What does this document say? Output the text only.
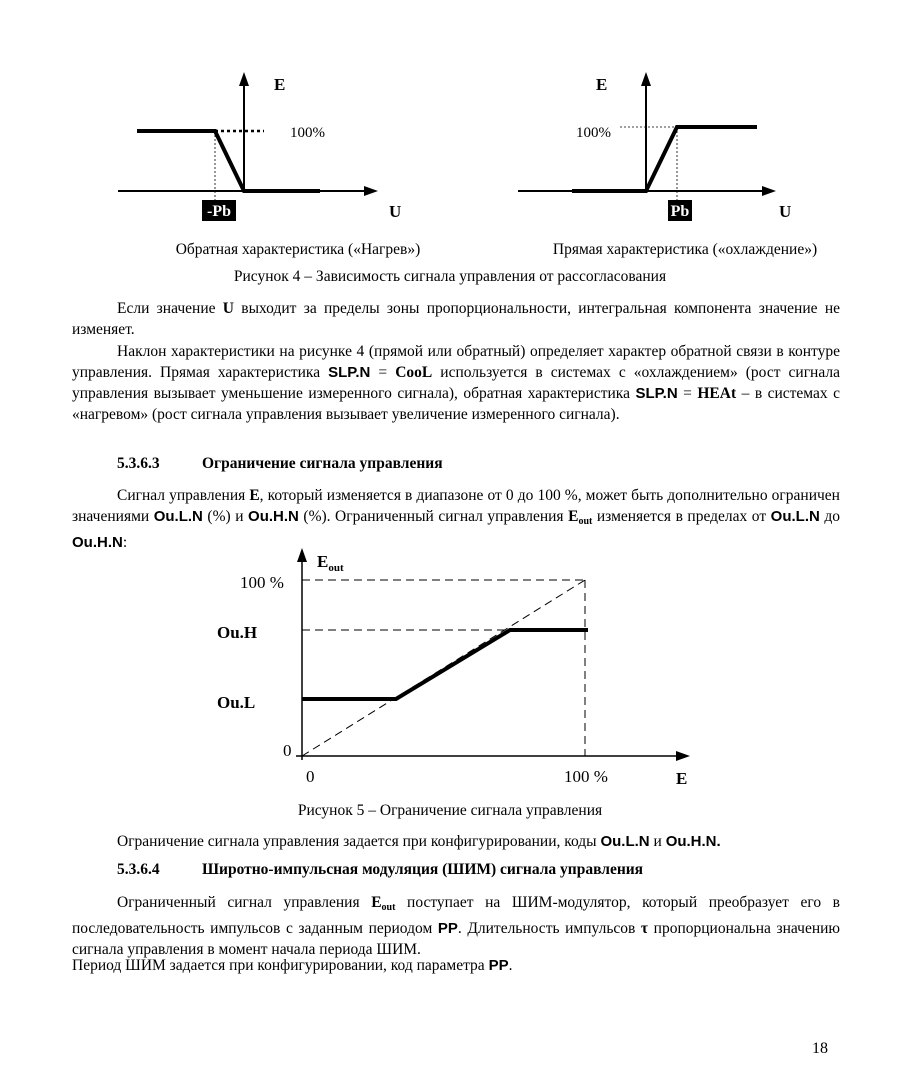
E
100%
-Pb	U
E
100%
Pb	U
Обратная характеристика («Нагрев»)	Прямая характеристика («охлаждение»)
Рисунок 4 – Зависимость сигнала управления от рассогласования

Если значение U выходит за пределы зоны пропорциональности, интегральная компонента значение не изменяет.

Наклон характеристики на рисунке 4 (прямой или обратный) определяет характер обратной связи в контуре управления. Прямая характеристика SLP.N = CooL используется в системах с «охлаждением» (рост сигнала управления вызывает уменьшение измеренного сигнала), обратная характеристика SLP.N = HEAt – в системах с «нагревом» (рост сигнала управления вызывает увеличение измеренного сигнала).

5.3.6.3	Ограничение сигнала управления

Сигнал управления E, который изменяется в диапазоне от 0 до 100 %, может быть дополнительно ограничен значениями Ou.L.N (%) и Ou.H.N (%). Ограниченный сигнал управления $E_{out}$ изменяется в пределах от Ou.L.N до Ou.H.N:

$E_{out}$
100 %
Ou.H
Ou.L
0
0	100 %	E
Рисунок 5 – Ограничение сигнала управления

Ограничение сигнала управления задается при конфигурировании, коды Ou.L.N и Ou.H.N.

5.3.6.4	Широтно-импульсная модуляция (ШИМ) сигнала управления

Ограниченный сигнал управления $E_{out}$ поступает на ШИМ-модулятор, который преобразует его в последовательность импульсов с заданным периодом PP. Длительность импульсов τ пропорциональна значению сигнала управления в момент начала периода ШИМ.

Период ШИМ задается при конфигурировании, код параметра PP.

18
